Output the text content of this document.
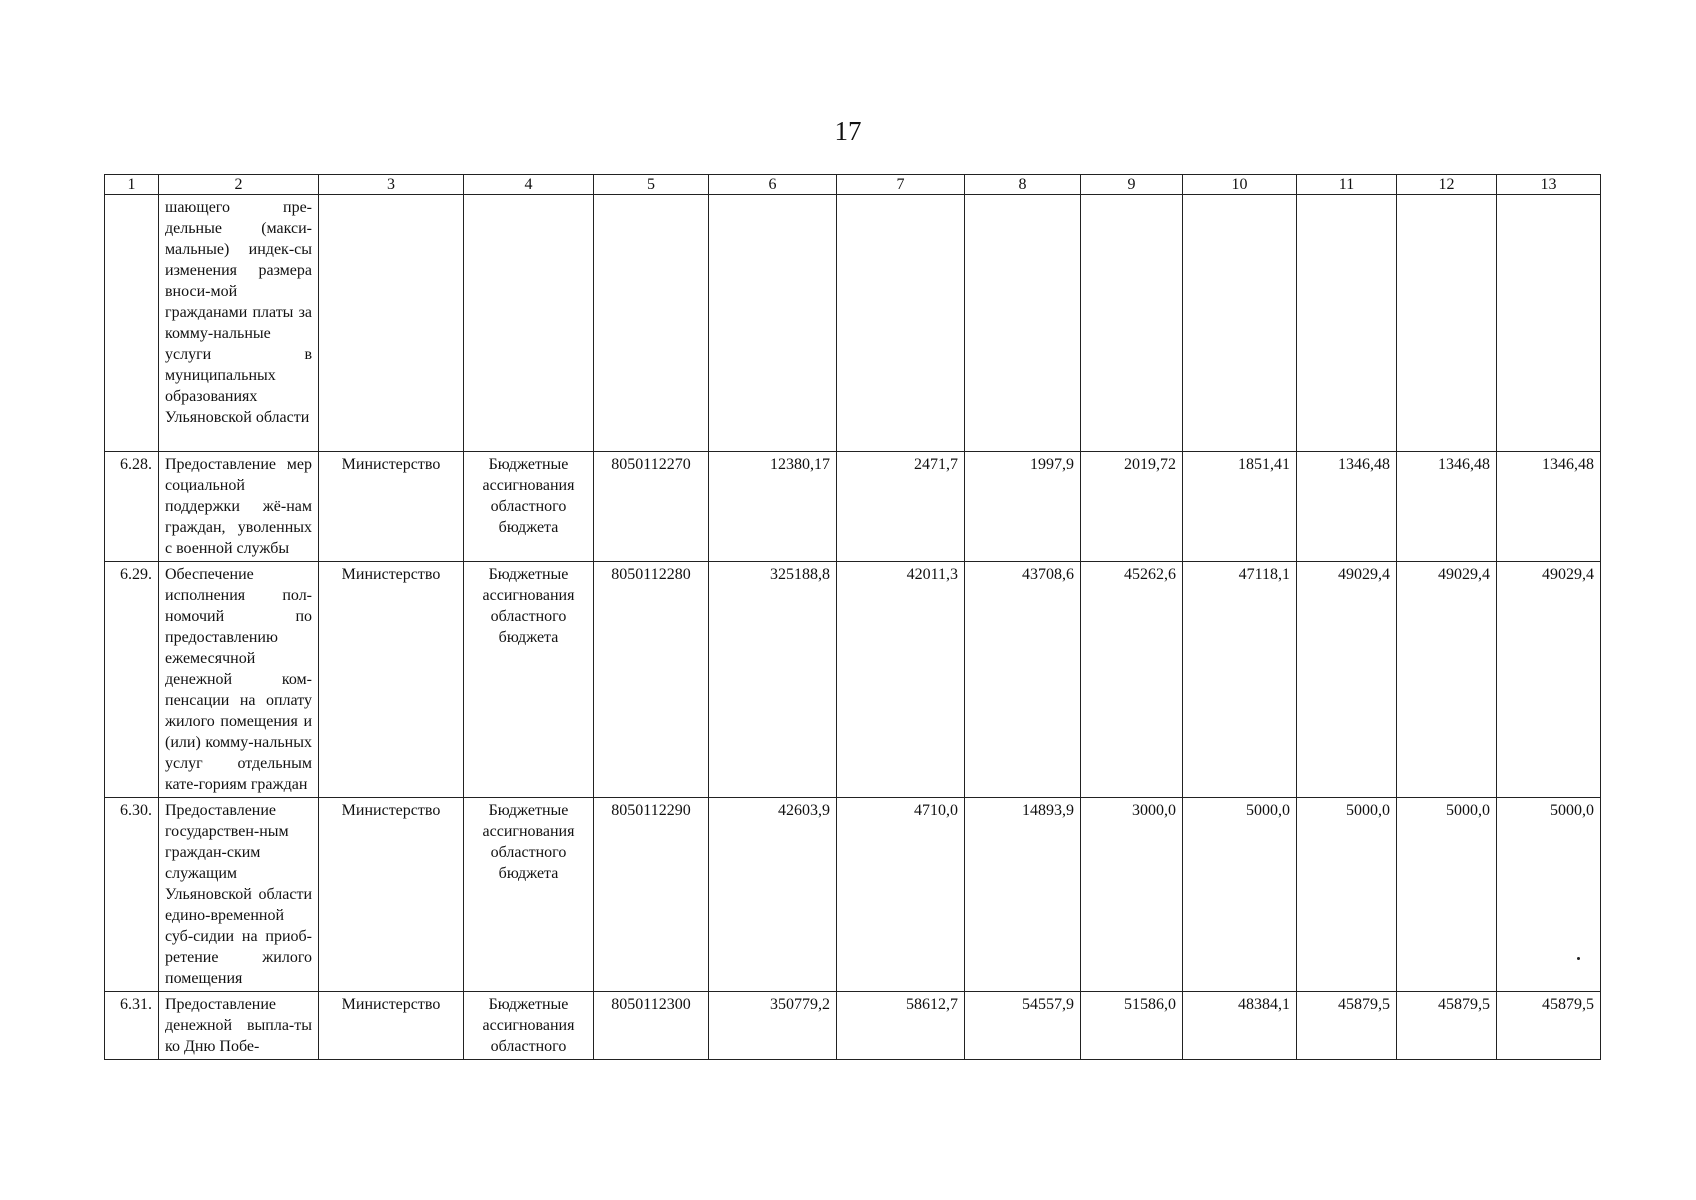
17
1	2	3	4	5	6	7	8	9	10	11	12	13
	шающего пре-дельные (макси-мальные) индек-сы изменения размера вноси-мой гражданами платы за комму-нальные услуги в муниципальных образованиях Ульяновской области											
6.28.	Предоставление мер социальной поддержки жё-нам граждан, уволенных с военной службы	Министерство	Бюджетные ассигнования областного бюджета	8050112270	12380,17	2471,7	1997,9	2019,72	1851,41	1346,48	1346,48	1346,48
6.29.	Обеспечение исполнения пол-номочий по предоставлению ежемесячной денежной ком-пенсации на оплату жилого помещения и (или) комму-нальных услуг отдельным кате-гориям граждан	Министерство	Бюджетные ассигнования областного бюджета	8050112280	325188,8	42011,3	43708,6	45262,6	47118,1	49029,4	49029,4	49029,4
6.30.	Предоставление государствен-ным граждан-ским служащим Ульяновской области едино-временной суб-сидии на приоб-ретение жилого помещения	Министерство	Бюджетные ассигнования областного бюджета	8050112290	42603,9	4710,0	14893,9	3000,0	5000,0	5000,0	5000,0	5000,0
6.31.	Предоставление денежной выпла-ты ко Дню Побе-	Министерство	Бюджетные ассигнования областного	8050112300	350779,2	58612,7	54557,9	51586,0	48384,1	45879,5	45879,5	45879,5
